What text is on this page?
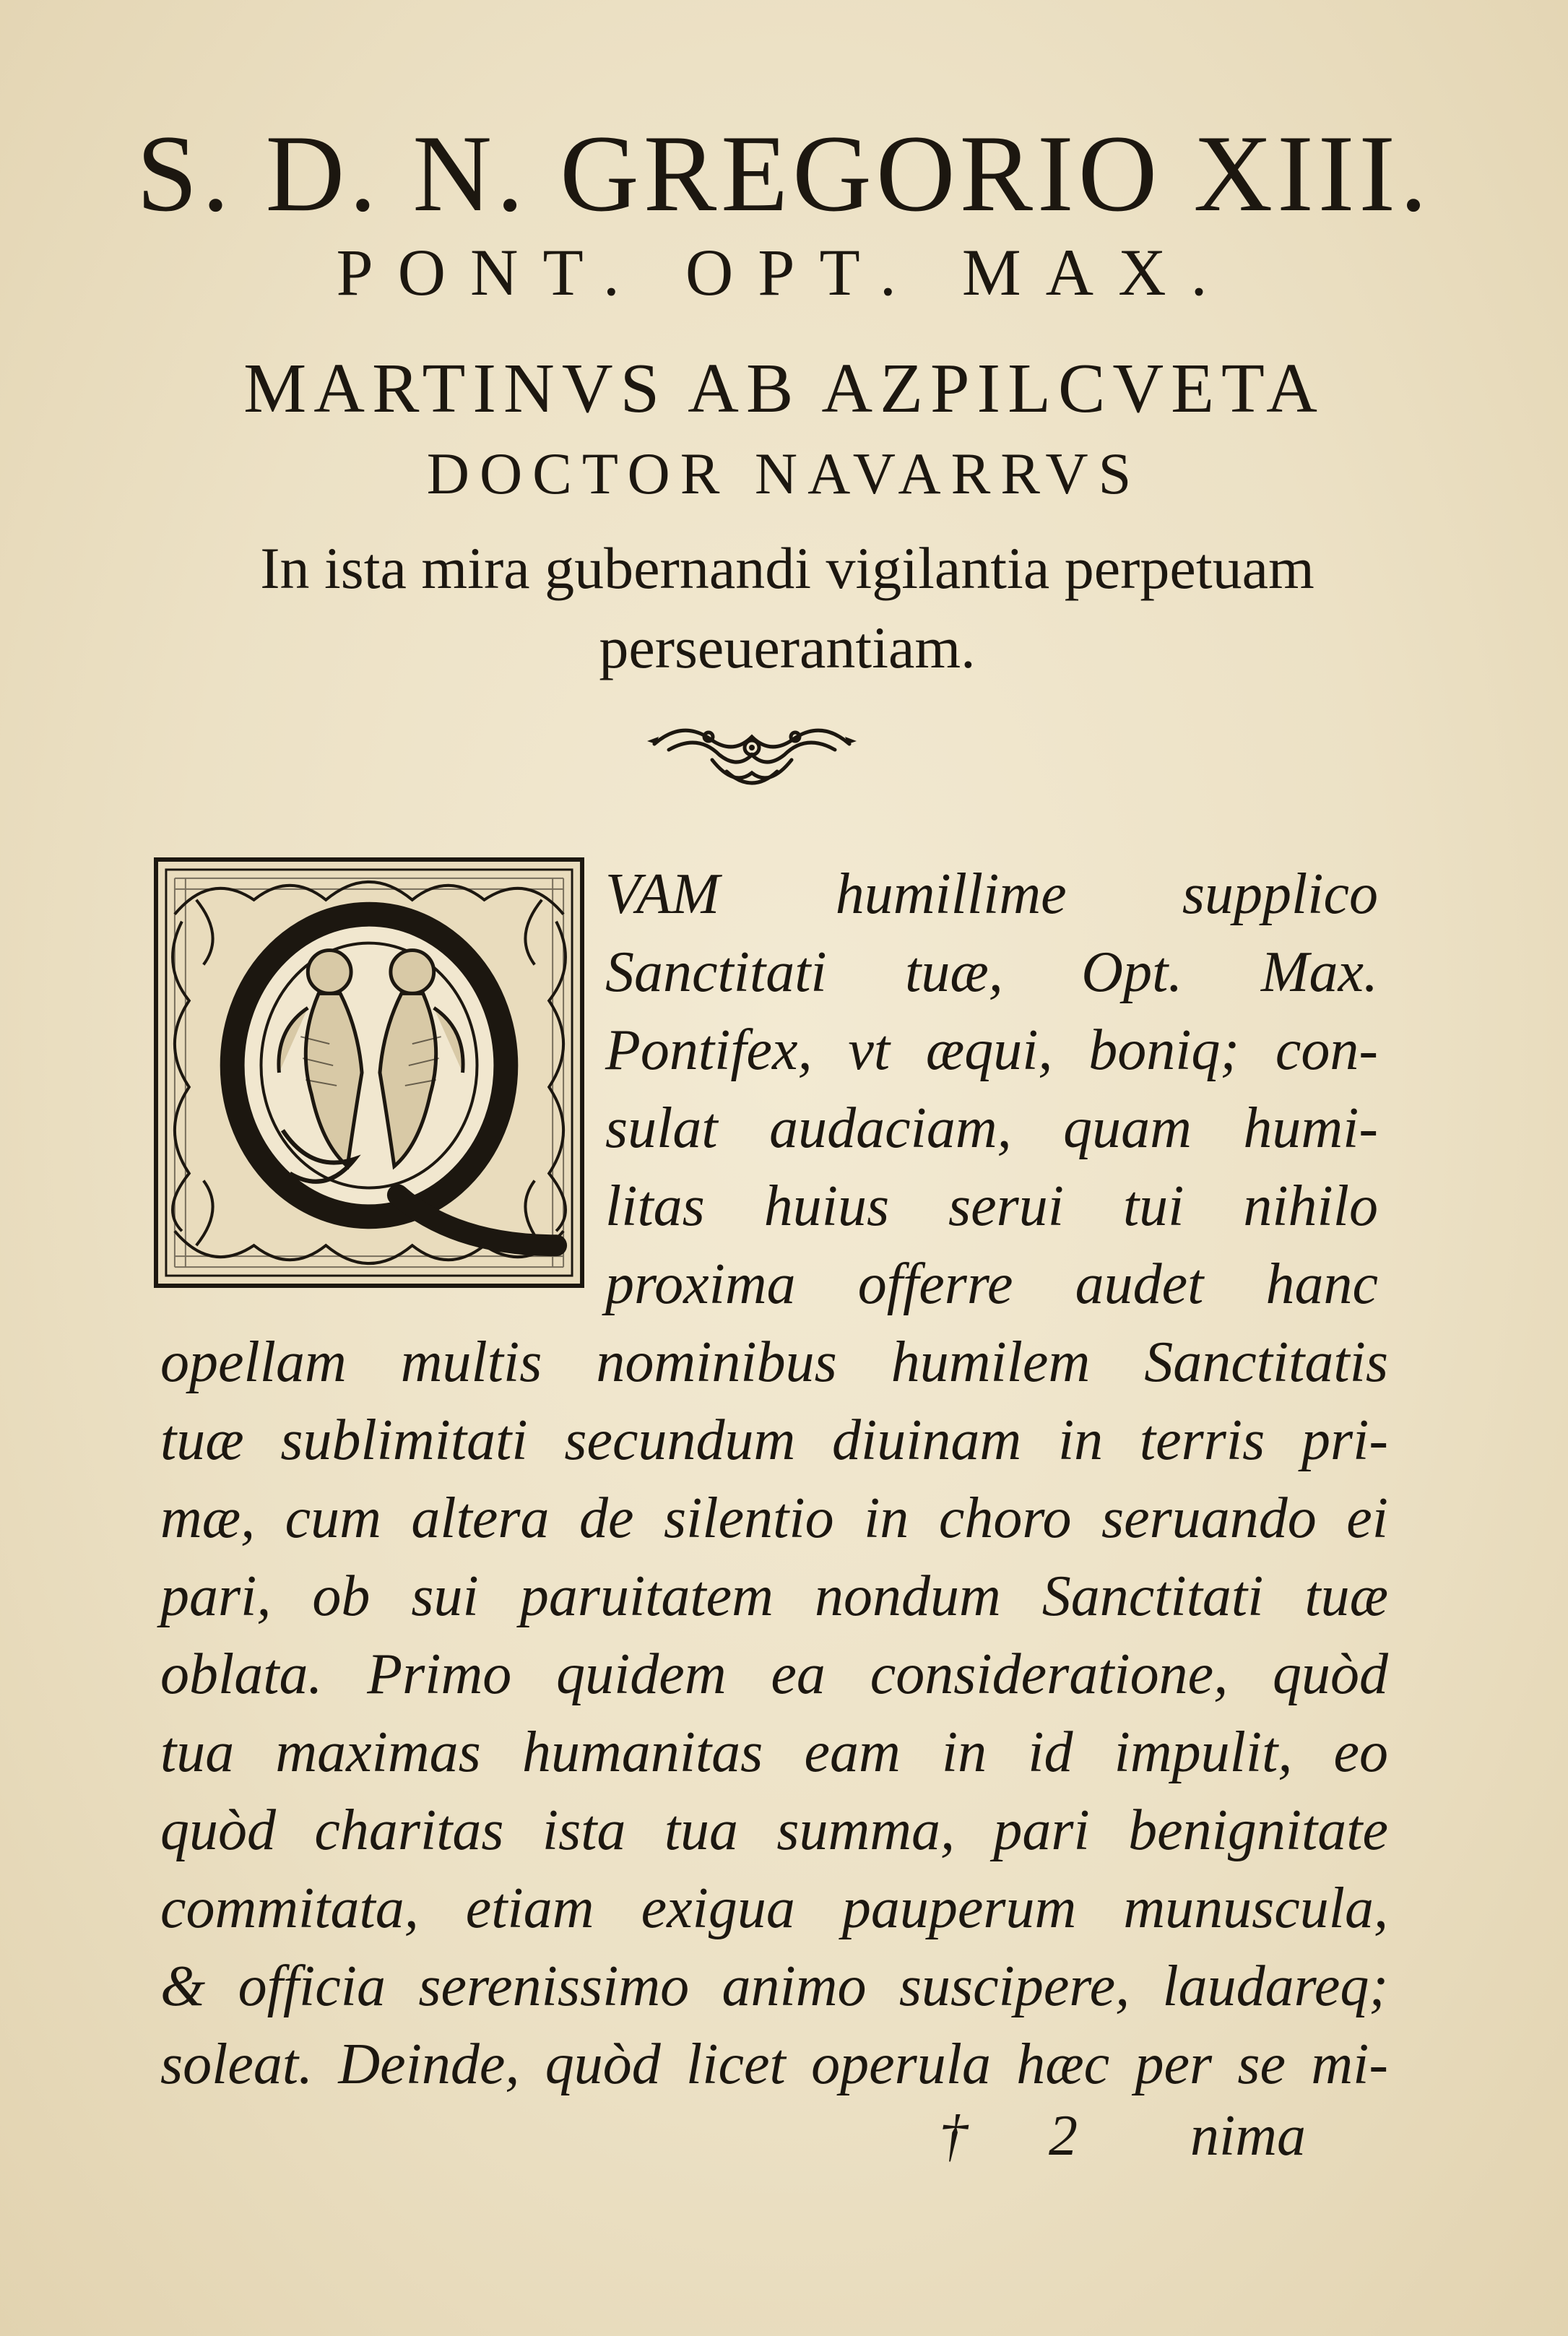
S. D. N. GREGORIO XIII.
PONT. OPT. MAX.
MARTINVS AB AZPILCVETA
DOCTOR NAVARRVS
In ista mira gubernandi vigilantia perpetuam
perseuerantiam.
VAM humillime supplico
Sanctitati tuæ, Opt. Max.
Pontifex, vt æqui, boniq; con-
sulat audaciam, quam humi-
litas huius serui tui nihilo
proxima offerre audet hanc
opellam multis nominibus humilem Sanctitatis
tuæ sublimitati secundum diuinam in terris pri-
mæ, cum altera de silentio in choro seruando ei
pari, ob sui paruitatem nondum Sanctitati tuæ
oblata. Primo quidem ea consideratione, quòd
tua maximas humanitas eam in id impulit, eo
quòd charitas ista tua summa, pari benignitate
commitata, etiam exigua pauperum munuscula,
& officia serenissimo animo suscipere, laudareq;
soleat. Deinde, quòd licet operula hæc per se mi-
† 2 nima
